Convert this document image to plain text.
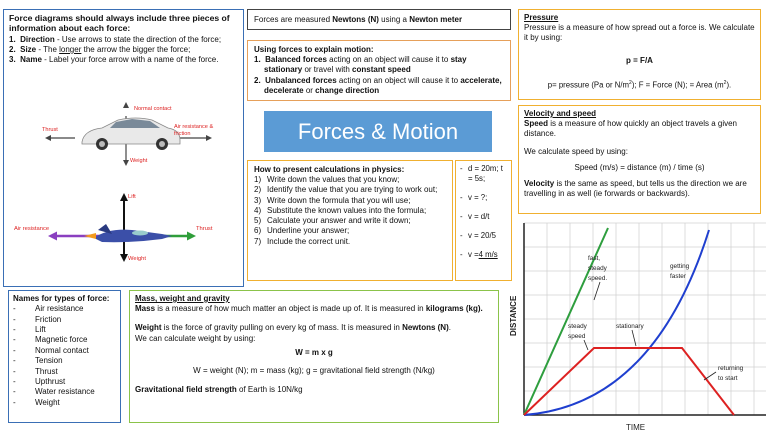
Force diagrams should always include three pieces of information about each force:
1. Direction - Use arrows to state the direction of the force;
2. Size - The longer the arrow the bigger the force;
3. Name - Label your force arrow with a name of the force.
Normal contact
Thrust	Air resistance &
friction
Weight
Lift
Air resistance	Thrust
Weight
Forces are measured Newtons (N) using a Newton meter
Using forces to explain motion:
1. Balanced forces acting on an object will cause it to stay stationary or travel with constant speed
2. Unbalanced forces acting on an object will cause it to accelerate, decelerate or change direction
Forces & Motion
How to present calculations in physics:
1) Write down the values that you know;
2) Identify the value that you are trying to work out;
3) Write down the formula that you will use;
4) Substitute the known values into the formula;
5) Calculate your answer and write it down;
6) Underline your answer;
7) Include the correct unit.
- d = 20m; t = 5s;
- v = ?;
- v = d/t
- v = 20/5
- v = 4 m/s
Pressure
Pressure is a measure of how spread out a force is. We calculate it by using:
p = F/A
p= pressure (Pa or $N/m^2$); F = Force (N); = Area $(m^2)$.
Velocity and speed
Speed is a measure of how quickly an object travels a given distance.
We calculate speed by using:
Speed (m/s) = distance (m) / time (s)
Velocity is the same as speed, but tells us the direction we are travelling in as well (ie forwards or backwards).
Names for types of force:
-	Air resistance
-	Friction
-	Lift
-	Magnetic force
-	Normal contact
-	Tension
-	Thrust
-	Upthrust
-	Water resistance
-	Weight
Mass, weight and gravity
Mass is a measure of how much matter an object is made up of. It is measured in kilograms (kg).
Weight is the force of gravity pulling on every kg of mass. It is measured in Newtons (N).
We can calculate weight by using:
W = m x g
W = weight (N); m = mass (kg); g = gravitational field strength (N/kg)
Gravitational field strength of Earth is 10N/kg
DISTANCE
TIME
fast,
steady
speed.
getting
faster
steady
speed
stationary
returning
to start
